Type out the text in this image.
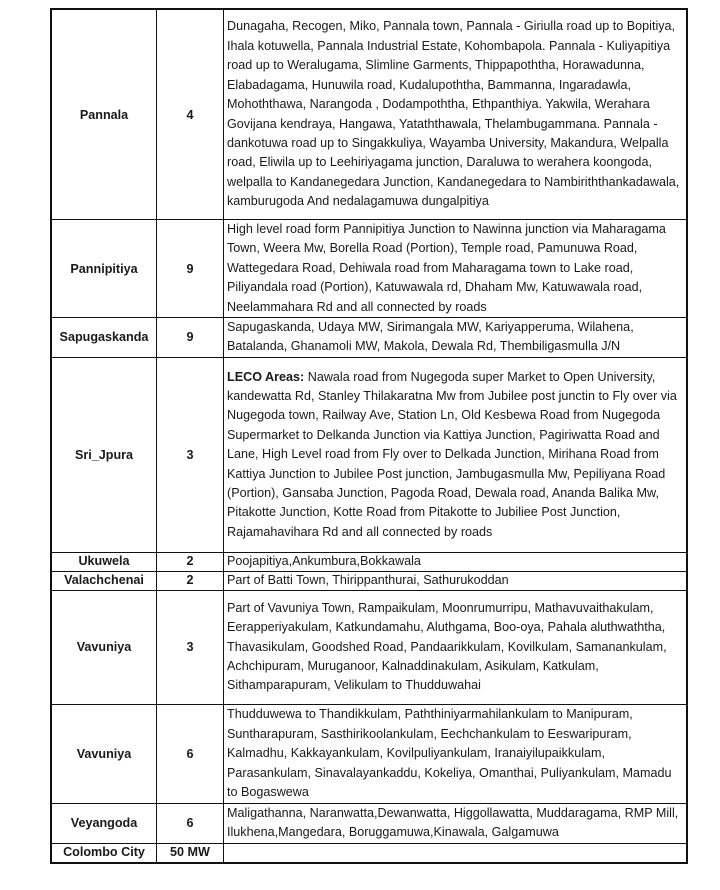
Pannala	4	Dunagaha, Recogen, Miko, Pannala town, Pannala - Giriulla road up to Bopitiya, Ihala kotuwella, Pannala Industrial Estate, Kohombapola. Pannala - Kuliyapitiya road up to Weralugama, Slimline Garments, Thippapoththa, Horawadunna, Elabadagama, Hunuwila road, Kudalupoththa, Bammanna, Ingaradawla, Mohoththawa, Narangoda , Dodampoththa, Ethpanthiya. Yakwila, Werahara Govijana kendraya, Hangawa, Yataththawala, Thelambugammana. Pannala - dankotuwa road up to Singakkuliya, Wayamba University, Makandura, Welpalla road, Eliwila up to Leehiriyagama junction, Daraluwa to werahera koongoda, welpalla to Kandanegedara Junction, Kandanegedara to Nambiriththankadawala, kamburugoda And nedalagamuwa dungalpitiya
Pannipitiya	9	High level road form Pannipitiya Junction to Nawinna junction via Maharagama Town, Weera Mw, Borella Road (Portion), Temple road, Pamunuwa Road, Wattegedara Road, Dehiwala road from Maharagama town to Lake road, Piliyandala road (Portion), Katuwawala rd, Dhaham Mw, Katuwawala road, Neelammahara Rd and all connected by roads
Sapugaskanda	9	Sapugaskanda, Udaya MW, Sirimangala MW, Kariyapperuma, Wilahena, Batalanda, Ghanamoli MW, Makola, Dewala Rd, Thembiligasmulla J/N
Sri_Jpura	3	LECO Areas: Nawala road from Nugegoda super Market to Open University, kandewatta Rd, Stanley Thilakaratna Mw from Jubilee post junctin to Fly over via Nugegoda town, Railway Ave, Station Ln, Old Kesbewa Road from Nugegoda Supermarket to Delkanda Junction via Kattiya Junction, Pagiriwatta Road and Lane, High Level road from Fly over to Delkada Junction, Mirihana Road from Kattiya Junction to Jubilee Post junction, Jambugasmulla Mw, Pepiliyana Road (Portion), Gansaba Junction, Pagoda Road, Dewala road, Ananda Balika Mw, Pitakotte Junction, Kotte Road from Pitakotte to Jubiliee Post Junction, Rajamahavihara Rd and all connected by roads
Ukuwela	2	Poojapitiya,Ankumbura,Bokkawala
Valachchenai	2	Part of Batti Town, Thirippanthurai, Sathurukoddan
Vavuniya	3	Part of Vavuniya Town, Rampaikulam, Moonrumurripu, Mathavuvaithakulam, Eerapperiyakulam, Katkundamahu, Aluthgama, Boo-oya, Pahala aluthwaththa, Thavasikulam, Goodshed Road, Pandaarikkulam, Kovilkulam, Samanankulam, Achchipuram, Muruganoor, Kalnaddinakulam, Asikulam, Katkulam, Sithamparapuram, Velikulam to Thudduwahai
Vavuniya	6	Thudduwewa to Thandikkulam, Paththiniyarmahilankulam to Manipuram, Suntharapuram, Sasthirikoolankulam, Eechchankulam to Eeswaripuram, Kalmadhu, Kakkayankulam, Kovilpuliyankulam, Iranaiyilupaikkulam, Parasankulam, Sinavalayankaddu, Kokeliya, Omanthai, Puliyankulam, Mamadu to Bogaswewa
Veyangoda	6	Maligathanna, Naranwatta,Dewanwatta, Higgollawatta, Muddaragama, RMP Mill, Ilukhena,Mangedara, Boruggamuwa,Kinawala, Galgamuwa
Colombo City	50 MW	
